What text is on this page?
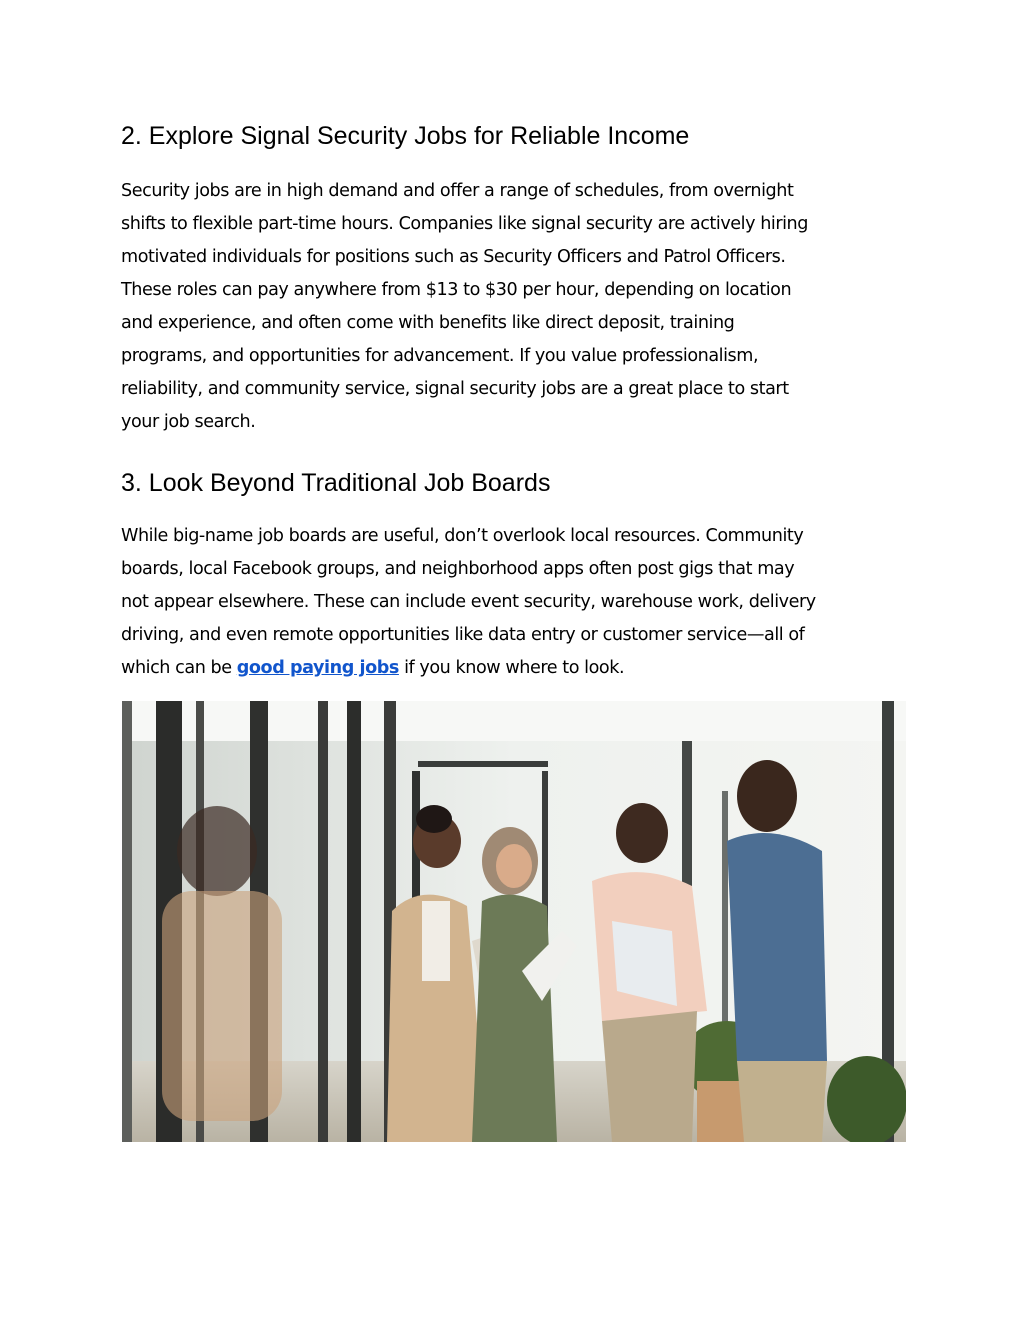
2. Explore Signal Security Jobs for Reliable Income

Security jobs are in high demand and offer a range of schedules, from overnight
shifts to flexible part-time hours. Companies like signal security are actively hiring
motivated individuals for positions such as Security Officers and Patrol Officers.
These roles can pay anywhere from $13 to $30 per hour, depending on location
and experience, and often come with benefits like direct deposit, training
programs, and opportunities for advancement. If you value professionalism,
reliability, and community service, signal security jobs are a great place to start
your job search.

3. Look Beyond Traditional Job Boards

While big-name job boards are useful, don’t overlook local resources. Community
boards, local Facebook groups, and neighborhood apps often post gigs that may
not appear elsewhere. These can include event security, warehouse work, delivery
driving, and even remote opportunities like data entry or customer service—all of
which can be good paying jobs if you know where to look.
